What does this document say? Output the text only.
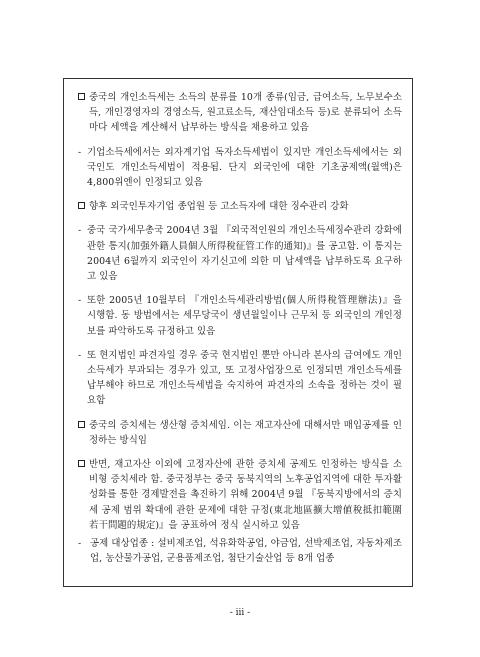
중국의 개인소득세는 소득의 분류를 10개 종류(임금, 급여소득, 노무보수소득, 개인경영자의 경영소득, 원고료소득, 재산임대소득 등)로 분류되어 소득마다 세액을 계산해서 납부하는 방식을 채용하고 있음
- 기업소득세에서는 외자계기업 독자소득세법이 있지만 개인소득세에서는 외국인도 개인소득세법이 적용됨. 단지 외국인에 대한 기초공제액(월액)은 4,800위엔이 인정되고 있음
향후 외국인투자기업 종업원 등 고소득자에 대한 징수관리 강화
- 중국 국가세무총국 2004년 3월 『외국적인원의 개인소득세징수관리 강화에 관한 통지(加强外籍人員個人所得稅征管工作的通知)』를 공고함. 이 통지는 2004년 6월까지 외국인이 자기신고에 의한 미 납세액을 납부하도록 요구하고 있음
- 또한 2005년 10월부터 『개인소득세관리방법(個人所得稅管理辦法)』을 시행함. 동 방법에서는 세무당국이 생년월일이나 근무처 등 외국인의 개인정보를 파악하도록 규정하고 있음
- 또 현지법인 파견자일 경우 중국 현지법인 뿐만 아니라 본사의 급여에도 개인소득세가 부과되는 경우가 있고, 또 고정사업장으로 인정되면 개인소득세를 납부해야 하므로 개인소득세법을 숙지하여 파견자의 소속을 정하는 것이 필요함
중국의 증치세는 생산형 증치세임. 이는 재고자산에 대해서만 매입공제를 인정하는 방식임
반면, 재고자산 이외에 고정자산에 관한 증치세 공제도 인정하는 방식을 소비형 증치세라 함. 중국정부는 중국 동북지역의 노후공업지역에 대한 투자활성화를 통한 경제발전을 촉진하기 위해 2004년 9월 『동북지방에서의 증치세 공제 범위 확대에 관한 문제에 대한 규정(東北地區擴大增値稅抵扣範圍若干問題的規定)』을 공표하여 정식 실시하고 있음
- 공제 대상업종 : 설비제조업, 석유화학공업, 야금업, 선박제조업, 자동차제조업, 농산물가공업, 군용품제조업, 첨단기술산업 등 8개 업종
- iii -
